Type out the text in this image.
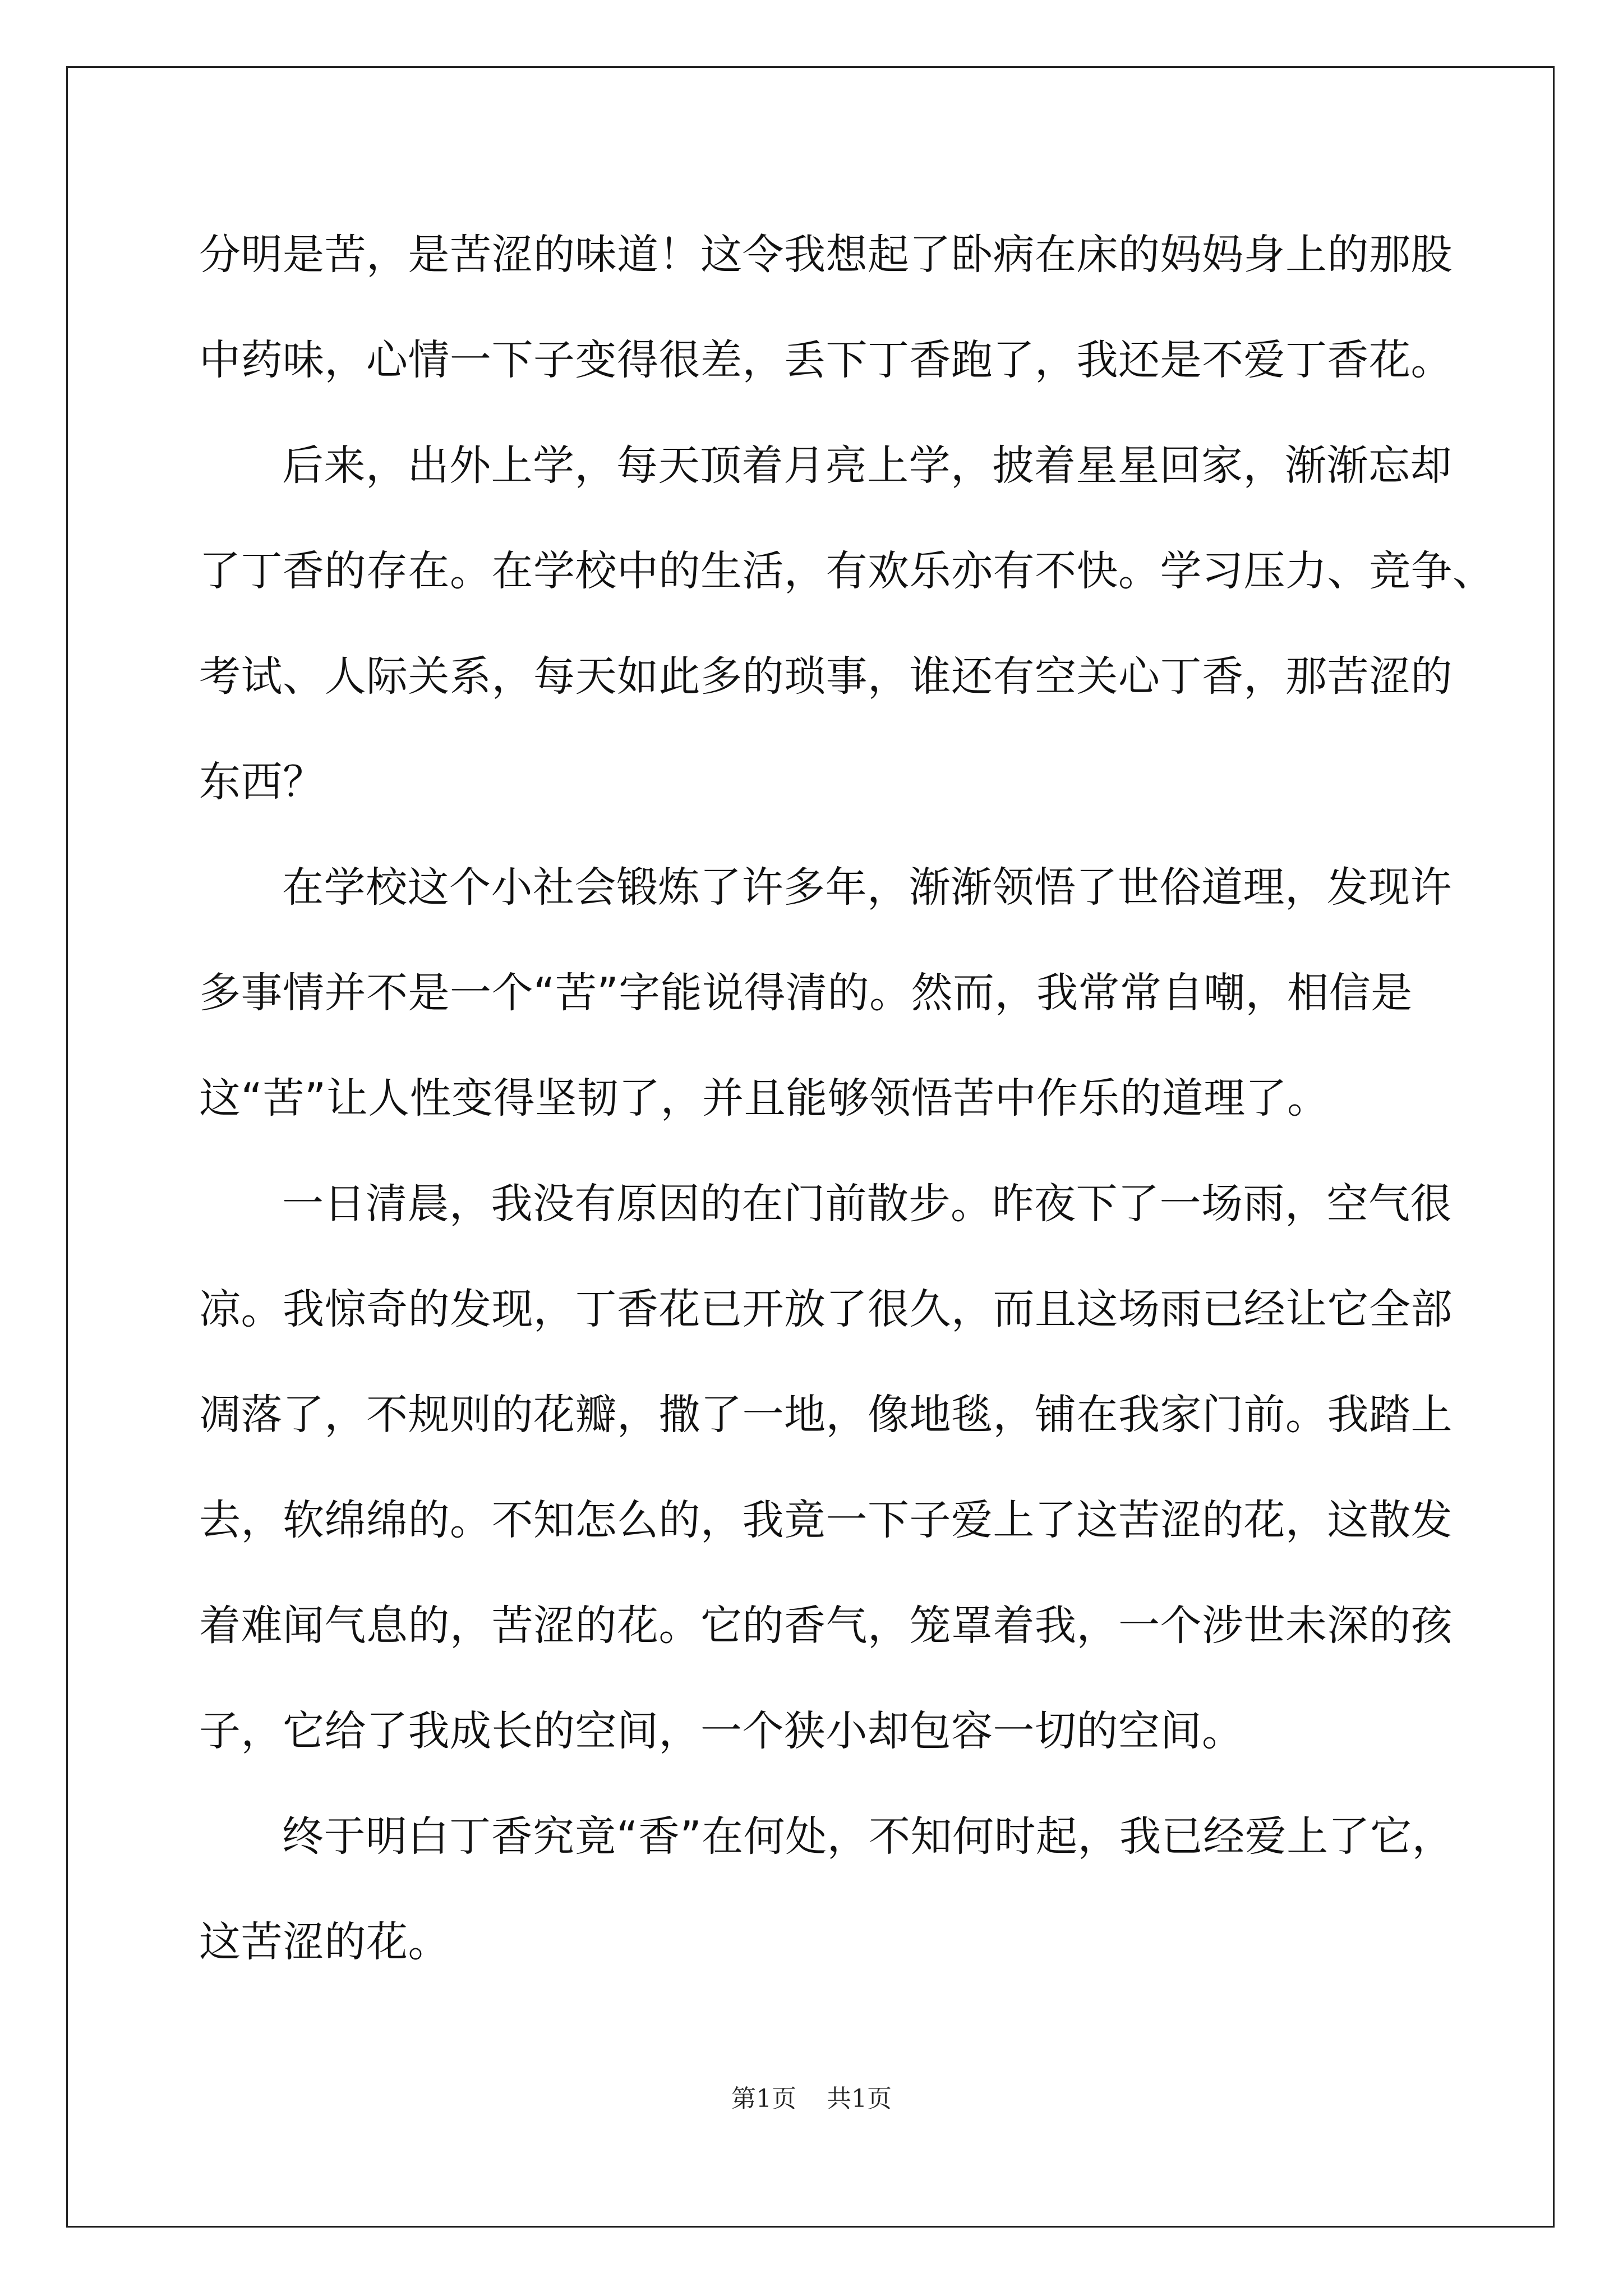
分明是苦，是苦涩的味道！这令我想起了卧病在床的妈妈身上的那股
中药味，心情一下子变得很差，丢下丁香跑了，我还是不爱丁香花。
后来，出外上学，每天顶着月亮上学，披着星星回家，渐渐忘却
了丁香的存在。在学校中的生活，有欢乐亦有不快。学习压力、竞争、
考试、人际关系，每天如此多的琐事，谁还有空关心丁香，那苦涩的
东西？
在学校这个小社会锻炼了许多年，渐渐领悟了世俗道理，发现许
多事情并不是一个“苦”字能说得清的。然而，我常常自嘲，相信是
这“苦”让人性变得坚韧了，并且能够领悟苦中作乐的道理了。
一日清晨，我没有原因的在门前散步。昨夜下了一场雨，空气很
凉。我惊奇的发现，丁香花已开放了很久，而且这场雨已经让它全部
凋落了，不规则的花瓣，撒了一地，像地毯，铺在我家门前。我踏上
去，软绵绵的。不知怎么的，我竟一下子爱上了这苦涩的花，这散发
着难闻气息的，苦涩的花。它的香气，笼罩着我，一个涉世未深的孩
子，它给了我成长的空间，一个狭小却包容一切的空间。
终于明白丁香究竟“香”在何处，不知何时起，我已经爱上了它，
这苦涩的花。
第1页 共1页
